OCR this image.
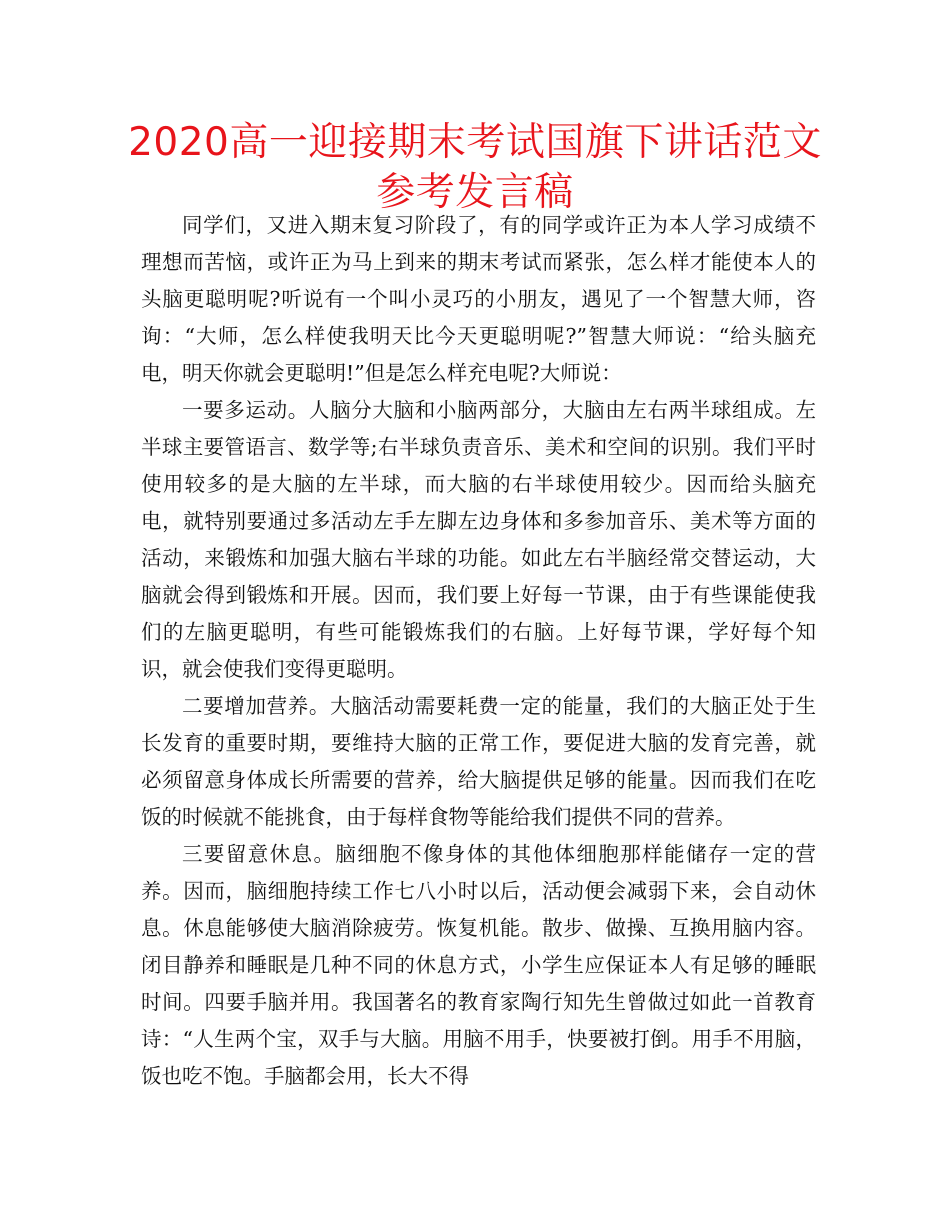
2020高一迎接期末考试国旗下讲话范文参考发言稿

同学们，又进入期末复习阶段了，有的同学或许正为本人学习成绩不理想而苦恼，或许正为马上到来的期末考试而紧张，怎么样才能使本人的头脑更聪明呢?听说有一个叫小灵巧的小朋友，遇见了一个智慧大师，咨询：“大师，怎么样使我明天比今天更聪明呢?”智慧大师说：“给头脑充电，明天你就会更聪明!”但是怎么样充电呢?大师说：

一要多运动。人脑分大脑和小脑两部分，大脑由左右两半球组成。左半球主要管语言、数学等;右半球负责音乐、美术和空间的识别。我们平时使用较多的是大脑的左半球，而大脑的右半球使用较少。因而给头脑充电，就特别要通过多活动左手左脚左边身体和多参加音乐、美术等方面的活动，来锻炼和加强大脑右半球的功能。如此左右半脑经常交替运动，大脑就会得到锻炼和开展。因而，我们要上好每一节课，由于有些课能使我们的左脑更聪明，有些可能锻炼我们的右脑。上好每节课，学好每个知识，就会使我们变得更聪明。

二要增加营养。大脑活动需要耗费一定的能量，我们的大脑正处于生长发育的重要时期，要维持大脑的正常工作，要促进大脑的发育完善，就必须留意身体成长所需要的营养，给大脑提供足够的能量。因而我们在吃饭的时候就不能挑食，由于每样食物等能给我们提供不同的营养。

三要留意休息。脑细胞不像身体的其他体细胞那样能储存一定的营养。因而，脑细胞持续工作七八小时以后，活动便会减弱下来，会自动休息。休息能够使大脑消除疲劳。恢复机能。散步、做操、互换用脑内容。闭目静养和睡眠是几种不同的休息方式，小学生应保证本人有足够的睡眠时间。四要手脑并用。我国著名的教育家陶行知先生曾做过如此一首教育诗：“人生两个宝，双手与大脑。用脑不用手，快要被打倒。用手不用脑，饭也吃不饱。手脑都会用，长大不得
